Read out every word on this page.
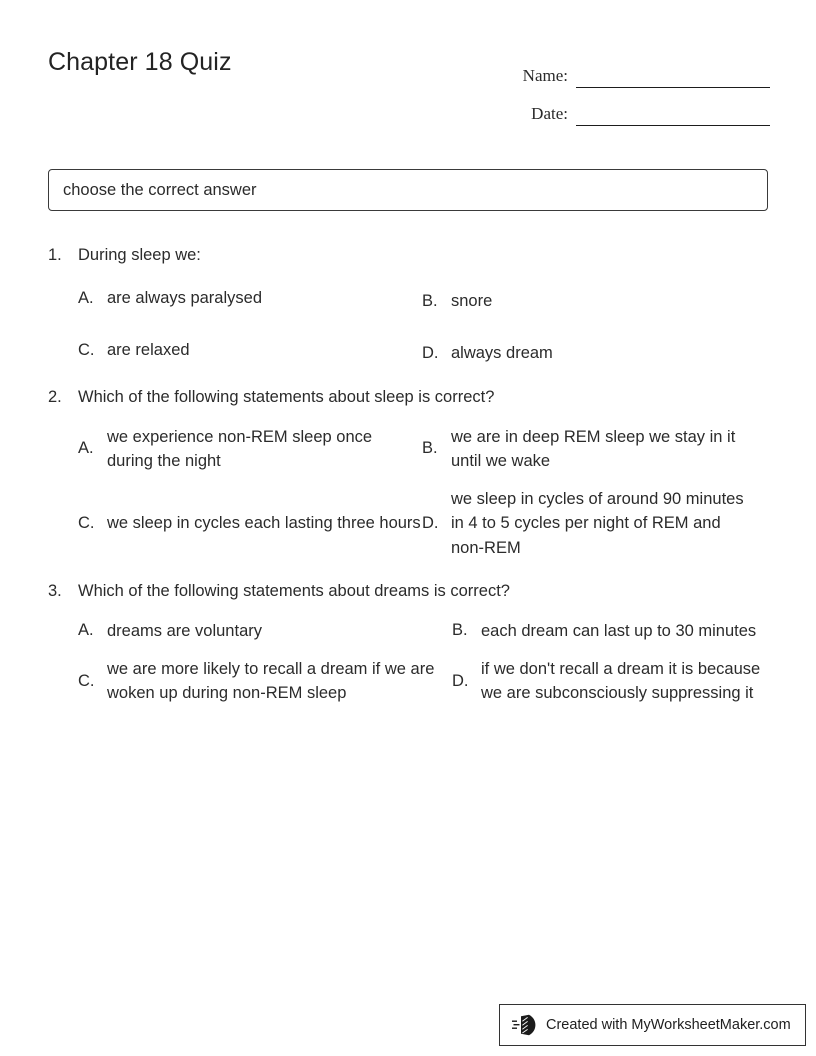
Chapter 18 Quiz	Name:
Date:
choose the correct answer
1. During sleep we:
A. are always paralysed	B. snore
C. are relaxed	D. always dream
2. Which of the following statements about sleep is correct?
A.
we experience non-REM sleep once during the night
B.
we are in deep REM sleep we stay in it until we wake
C. we sleep in cycles each lasting three hours D.
we sleep in cycles of around 90 minutes in 4 to 5 cycles per night of REM and non-REM
3. Which of the following statements about dreams is correct?
A. dreams are voluntary	B. each dream can last up to 30 minutes
C.
we are more likely to recall a dream if we are woken up during non-REM sleep
D.
if we don't recall a dream it is because we are subconsciously suppressing it
Created with MyWorksheetMaker.com
